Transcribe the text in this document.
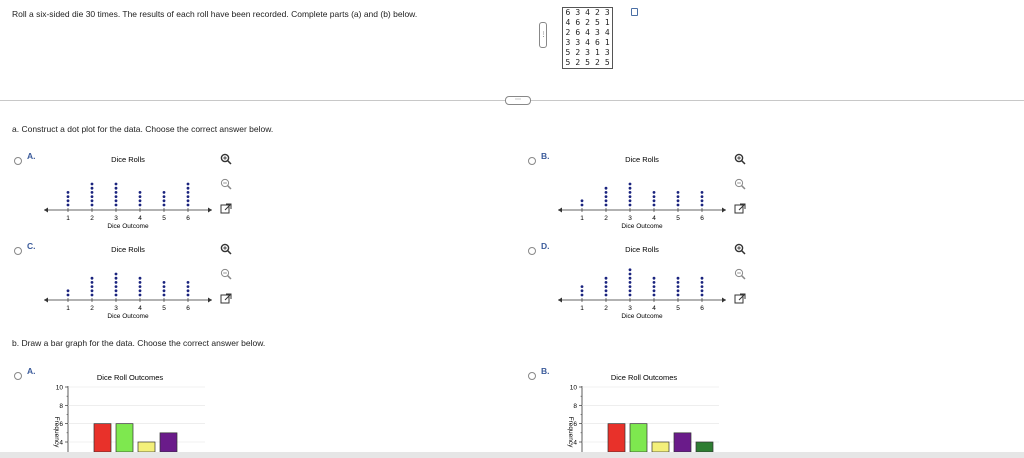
Roll a six-sided die 30 times. The results of each roll have been recorded. Complete parts (a) and (b) below.	6	3	4	2	3
4	6	2	5	1
2	6	4	3	4
3	3	4	6	1
5	2	3	1	3
5	2	5	2	5
⋮
⋯
a. Construct a dot plot for the data. Choose the correct answer below.
A.	B.
C.	D.
Dice Rolls
1	2	3	4	5	6
Dice Outcome
Dice Rolls
1	2	3	4	5	6
Dice Outcome
Dice Rolls
1	2	3	4	5	6
Dice Outcome
Dice Rolls
1	2	3	4	5	6
Dice Outcome
b. Draw a bar graph for the data. Choose the correct answer below.
A.	B.
Dice Roll Outcomes
4
6
8
10
Frequency
Dice Roll Outcomes
4
6
8
10
Frequency
